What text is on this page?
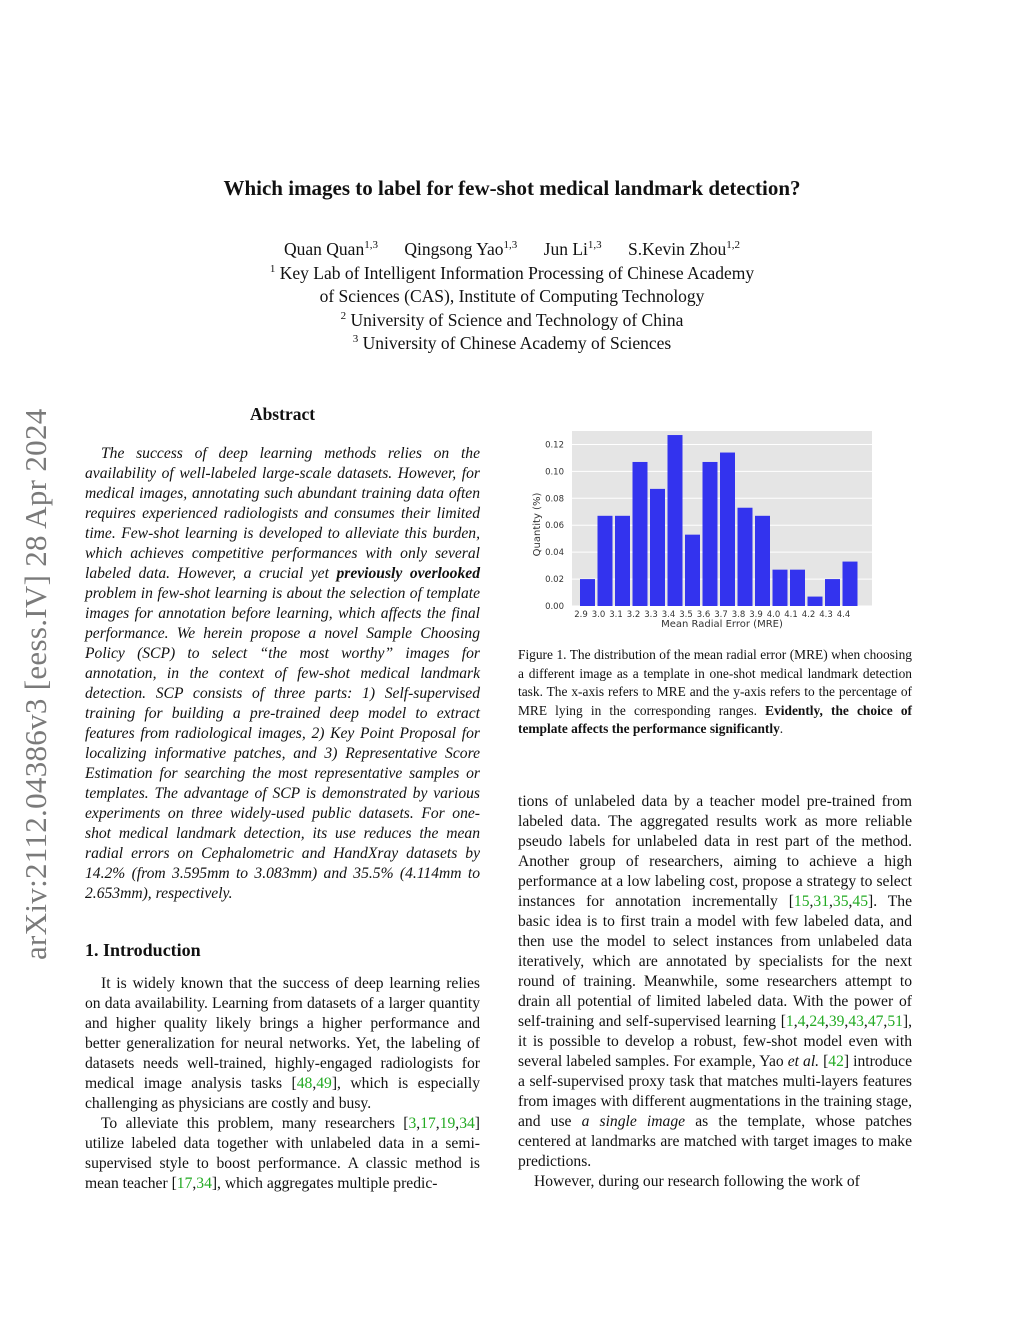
arXiv:2112.04386v3 [eess.IV] 28 Apr 2024
Which images to label for few-shot medical landmark detection?
Quan Quan$^{1,3}$ Qingsong Yao$^{1,3}$ Jun Li$^{1,3}$ S.Kevin Zhou$^{1,2}$
$^1$ Key Lab of Intelligent Information Processing of Chinese Academy
of Sciences (CAS), Institute of Computing Technology
$^2$ University of Science and Technology of China
$^3$ University of Chinese Academy of Sciences
Abstract
The success of deep learning methods relies on the availability of well-labeled large-scale datasets. However, for medical images, annotating such abundant training data often requires experienced radiologists and consumes their limited time. Few-shot learning is developed to alleviate this burden, which achieves competitive performances with only several labeled data. However, a crucial yet previously overlooked problem in few-shot learning is about the selection of template images for annotation before learning, which affects the final performance. We herein propose a novel Sample Choosing Policy (SCP) to select “the most worthy” images for annotation, in the context of few-shot medical landmark detection. SCP consists of three parts: 1) Self-supervised training for building a pre-trained deep model to extract features from radiological images, 2) Key Point Proposal for localizing informative patches, and 3) Representative Score Estimation for searching the most representative samples or templates. The advantage of SCP is demonstrated by various experiments on three widely-used public datasets. For one-shot medical landmark detection, its use reduces the mean radial errors on Cephalometric and HandXray datasets by 14.2% (from 3.595mm to 3.083mm) and 35.5% (4.114mm to 2.653mm), respectively.
1. Introduction

It is widely known that the success of deep learning relies on data availability. Learning from datasets of a larger quantity and higher quality likely brings a higher performance and better generalization for neural networks. Yet, the labeling of datasets needs well-trained, highly-engaged radiologists for medical image analysis tasks [48,49], which is especially challenging as physicians are costly and busy.

To alleviate this problem, many researchers [3,17,19,34] utilize labeled data together with unlabeled data in a semi-supervised style to boost performance. A classic method is mean teacher [17,34], which aggregates multiple predic-

0.00
0.02
0.04
0.06
0.08
0.10
0.12
2.9 3.0 3.1 3.2 3.3 3.4 3.5 3.6 3.7 3.8 3.9 4.0 4.1 4.2 4.3 4.4
Mean Radial Error (MRE)
Quantity (%)
Figure 1. The distribution of the mean radial error (MRE) when choosing a different image as a template in one-shot medical landmark detection task. The x-axis refers to MRE and the y-axis refers to the percentage of MRE lying in the corresponding ranges. Evidently, the choice of template affects the performance significantly.

tions of unlabeled data by a teacher model pre-trained from labeled data. The aggregated results work as more reliable pseudo labels for unlabeled data in rest part of the method. Another group of researchers, aiming to achieve a high performance at a low labeling cost, propose a strategy to select instances for annotation incrementally [15,31,35,45]. The basic idea is to first train a model with few labeled data, and then use the model to select instances from unlabeled data iteratively, which are annotated by specialists for the next round of training. Meanwhile, some researchers attempt to drain all potential of limited labeled data. With the power of self-training and self-supervised learning [1,4,24,39,43,47,51], it is possible to develop a robust, few-shot model even with several labeled samples. For example, Yao et al. [42] introduce a self-supervised proxy task that matches multi-layers features from images with different augmentations in the training stage, and use a single image as the template, whose patches centered at landmarks are matched with target images to make predictions.

However, during our research following the work of
